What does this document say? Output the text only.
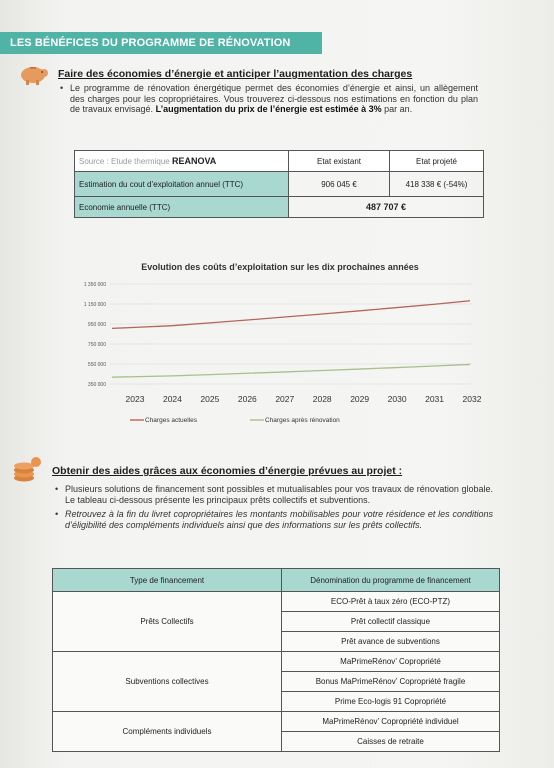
LES BÉNÉFICES DU PROGRAMME DE RÉNOVATION
Faire des économies d’énergie et anticiper l’augmentation des charges
• Le programme de rénovation énergétique permet des économies d’énergie et ainsi, un allègement des charges pour les copropriétaires. Vous trouverez ci-dessous nos estimations en fonction du plan de travaux envisagé. L’augmentation du prix de l’énergie est estimée à 3% par an.
Source : Etude thermique REANOVA	Etat existant	Etat projeté
Estimation du cout d’exploitation annuel (TTC)	906 045 €	418 338 € (-54%)
Economie annuelle (TTC)	487 707 €	
Evolution des coûts d’exploitation sur les dix prochaines années
1 350 000
1 150 000
950 000
750 000
550 000
350 000
2023 2024 2025 2026 2027 2028 2029 2030 2031 2032
Charges actuelles	Charges après rénovation
Obtenir des aides grâces aux économies d’énergie prévues au projet :
• Plusieurs solutions de financement sont possibles et mutualisables pour vos travaux de rénovation globale. Le tableau ci-dessous présente les principaux prêts collectifs et subventions.
• Retrouvez à la fin du livret copropriétaires les montants mobilisables pour votre résidence et les conditions d’éligibilité des compléments individuels ainsi que des informations sur les prêts collectifs.
Type de financement	Dénomination du programme de financement
Prêts Collectifs	ECO-Prêt à taux zéro (ECO-PTZ)
	Prêt collectif classique
	Prêt avance de subventions
Subventions collectives	MaPrimeRénov’ Copropriété
	Bonus MaPrimeRénov’ Copropriété fragile
	Prime Eco-logis 91 Copropriété
Compléments individuels	MaPrimeRénov’ Copropriété individuel
	Caisses de retraite
